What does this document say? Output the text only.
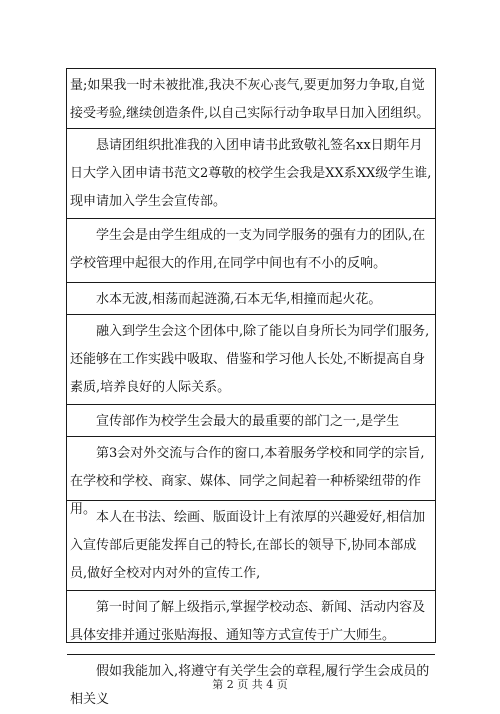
量;如果我一时未被批准,我决不灰心丧气,要更加努力争取,自觉接受考验,继续创造条件,以自己实际行动争取早日加入团组织。
恳请团组织批准我的入团申请书此致敬礼签名xx日期年月日大学入团申请书范文2尊敬的校学生会我是XX系XX级学生谁,现申请加入学生会宣传部。
学生会是由学生组成的一支为同学服务的强有力的团队,在学校管理中起很大的作用,在同学中间也有不小的反响。
水本无波,相荡而起涟漪,石本无华,相撞而起火花。
融入到学生会这个团体中,除了能以自身所长为同学们服务,还能够在工作实践中吸取、借鉴和学习他人长处,不断提高自身素质,培养良好的人际关系。
宣传部作为校学生会最大的最重要的部门之一,是学生
第3会对外交流与合作的窗口,本着服务学校和同学的宗旨,在学校和学校、商家、媒体、同学之间起着一种桥梁纽带的作用。
本人在书法、绘画、版面设计上有浓厚的兴趣爱好,相信加入宣传部后更能发挥自己的特长,在部长的领导下,协同本部成员,做好全校对内对外的宣传工作,
第一时间了解上级指示,掌握学校动态、新闻、活动内容及具体安排并通过张贴海报、通知等方式宣传于广大师生。
假如我能加入,将遵守有关学生会的章程,履行学生会成员的相关义
第 2 页 共 4 页
